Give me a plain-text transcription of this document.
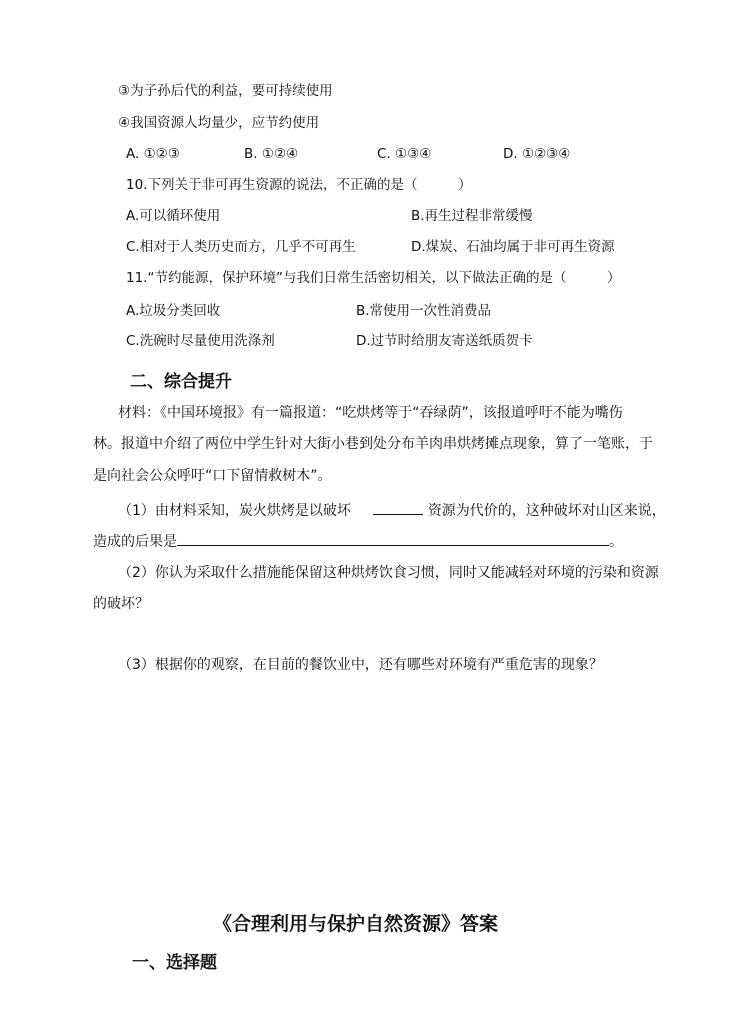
③为子孙后代的利益，要可持续使用
④我国资源人均量少，应节约使用
A. ①②③	B. ①②④	C. ①③④	D. ①②③④
10.下列关于非可再生资源的说法，不正确的是（　　　）
A.可以循环使用	B.再生过程非常缓慢
C.相对于人类历史而方，几乎不可再生	D.煤炭、石油均属于非可再生资源
11.“节约能源，保护环境”与我们日常生活密切相关，以下做法正确的是（　　　）
A.垃圾分类回收	B.常使用一次性消费品
C.洗碗时尽量使用洗涤剂	D.过节时给朋友寄送纸质贺卡
二、综合提升
材料：《中国环境报》有一篇报道：“吃烘烤等于“吞绿荫”，该报道呼吁不能为嘴伤
林。报道中介绍了两位中学生针对大街小巷到处分布羊肉串烘烤摊点现象，算了一笔账，于
是向社会公众呼吁“口下留情救树木”。
（1）由材料采知，炭火烘烤是以破坏	资源为代价的，这种破坏对山区来说，
造成的后果是	。
（2）你认为采取什么措施能保留这种烘烤饮食习惯，同时又能减轻对环境的污染和资源
的破坏？
（3）根据你的观察，在目前的餐饮业中，还有哪些对环境有严重危害的现象？
《合理利用与保护自然资源》答案
一、选择题
